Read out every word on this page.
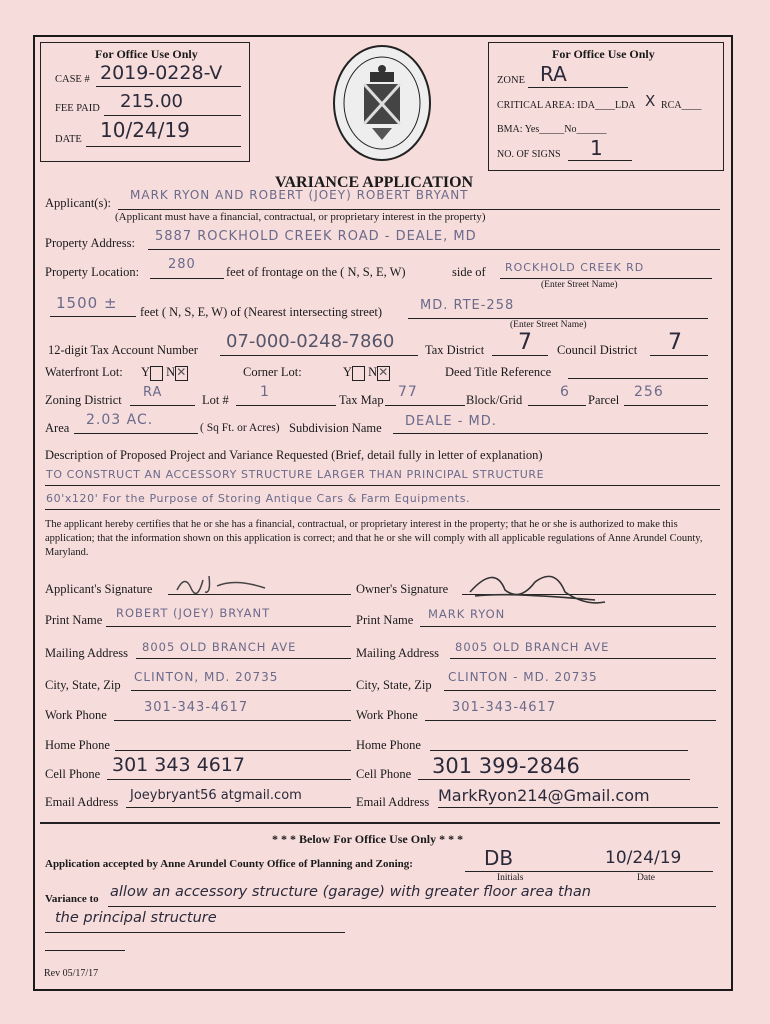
For Office Use Only
CASE # 2019-0228-V
FEE PAID 215.00
DATE 10/24/19
For Office Use Only
ZONE RA
CRITICAL AREA: IDA____LDA X RCA____
BMA: Yes_____No______
NO. OF SIGNS 1
VARIANCE APPLICATION
Applicant(s):
MARK RYON AND ROBERT (JOEY) ROBERT BRYANT
(Applicant must have a financial, contractual, or proprietary interest in the property)
Property Address: 5887 ROCKHOLD CREEK ROAD - DEALE, MD
Property Location: 280 feet of frontage on the ( N, S, E, W)	side of ROCKHOLD CREEK RD
(Enter Street Name)
1500 ± feet ( N, S, E, W) of (Nearest intersecting street)	MD. RTE-258
(Enter Street Name)
12-digit Tax Account Number 07-000-0248-7860 Tax District 7 Council District 7
Waterfront Lot: Y N ✕	Corner Lot:	Y N ✕	Deed Title Reference
Zoning District RA	Lot # 1	Tax Map 77	Block/Grid	6 Parcel 256
Area 2.03 AC.	( Sq Ft. or Acres) Subdivision Name DEALE - MD.
Description of Proposed Project and Variance Requested (Brief, detail fully in letter of explanation)
TO CONSTRUCT AN ACCESSORY STRUCTURE LARGER THAN PRINCIPAL STRUCTURE
60'x120' For the Purpose of Storing Antique Cars & Farm Equipments.
The applicant hereby certifies that he or she has a financial, contractual, or proprietary interest in the property; that he or she is authorized to make this application; that the information shown on this application is correct; and that he or she will comply with all applicable regulations of Anne Arundel County, Maryland.
Applicant's Signature	Owner's Signature
Print Name ROBERT (JOEY) BRYANT	Print Name MARK RYON
Mailing Address 8005 OLD BRANCH AVE	Mailing Address 8005 OLD BRANCH AVE
City, State, Zip
CLINTON, MD. 20735
City, State, Zip
CLINTON - MD. 20735
Work Phone	301-343-4617	Work Phone	301-343-4617
Home Phone	Home Phone
Cell Phone 301 343 4617	Cell Phone 301 399-2846
Email Address Joeybryant56 atgmail.com	Email Address MarkRyon214@Gmail.com
* * * Below For Office Use Only * * *
Application accepted by Anne Arundel County Office of Planning and Zoning:	DB	10/24/19
Initials	Date
Variance to allow an accessory structure (garage) with greater floor area than
the principal structure
Rev 05/17/17
